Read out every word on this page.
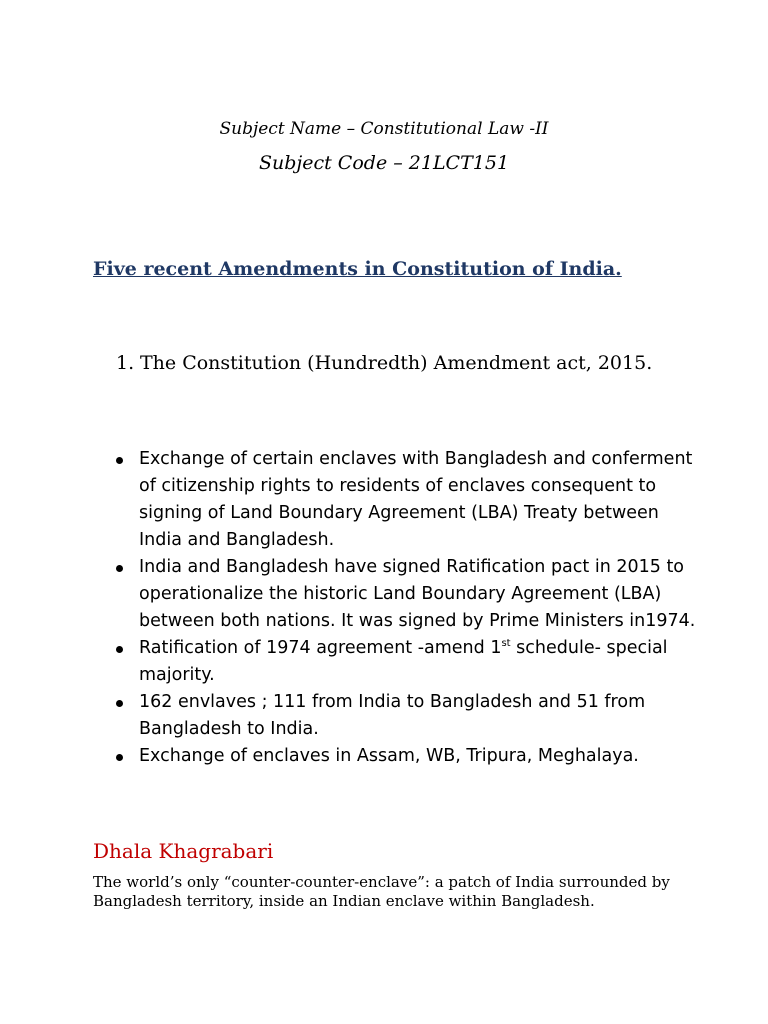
Subject Name – Constitutional Law -II
Subject Code – 21LCT151
Five recent Amendments in Constitution of India.
1. The Constitution (Hundredth) Amendment act, 2015.
Exchange of certain enclaves with Bangladesh and conferment of citizenship rights to residents of enclaves consequent to signing of Land Boundary Agreement (LBA) Treaty between India and Bangladesh.
India and Bangladesh have signed Ratification pact in 2015 to operationalize the historic Land Boundary Agreement (LBA) between both nations. It was signed by Prime Ministers in1974.
Ratification of 1974 agreement -amend 1st schedule- special majority.
162 envlaves ; 111 from India to Bangladesh and 51 from Bangladesh to India.
Exchange of enclaves in Assam, WB, Tripura, Meghalaya.
Dhala Khagrabari
The world’s only “counter-counter-enclave”: a patch of India surrounded by Bangladesh territory, inside an Indian enclave within Bangladesh.
